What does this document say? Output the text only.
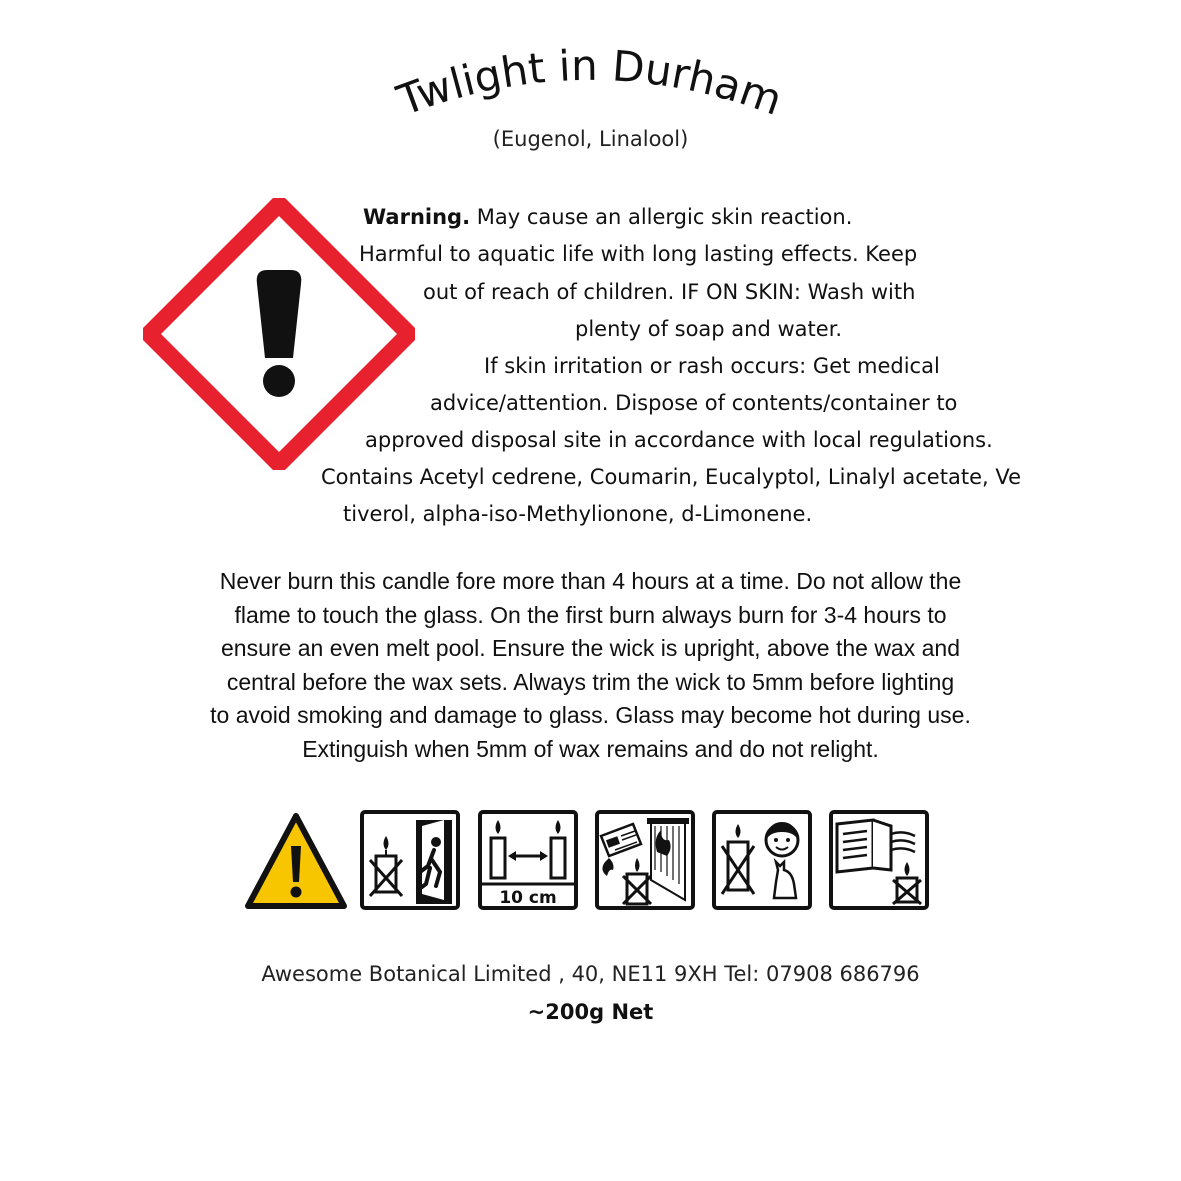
Twlight in Durham
(Eugenol, Linalool)
Warning. May cause an allergic skin reaction.
Harmful to aquatic life with long lasting effects. Keep
out of reach of children. IF ON SKIN: Wash with
plenty of soap and water.
If skin irritation or rash occurs: Get medical
advice/attention. Dispose of contents/container to
approved disposal site in accordance with local regulations.
Contains Acetyl cedrene, Coumarin, Eucalyptol, Linalyl acetate, Ve
tiverol, alpha-iso-Methylionone, d-Limonene.
Never burn this candle fore more than 4 hours at a time. Do not allow the
flame to touch the glass. On the first burn always burn for 3-4 hours to
ensure an even melt pool. Ensure the wick is upright, above the wax and
central before the wax sets. Always trim the wick to 5mm before lighting
to avoid smoking and damage to glass. Glass may become hot during use.
Extinguish when 5mm of wax remains and do not relight.
10 cm
Awesome Botanical Limited , 40, NE11 9XH Tel: 07908 686796
~200g Net
